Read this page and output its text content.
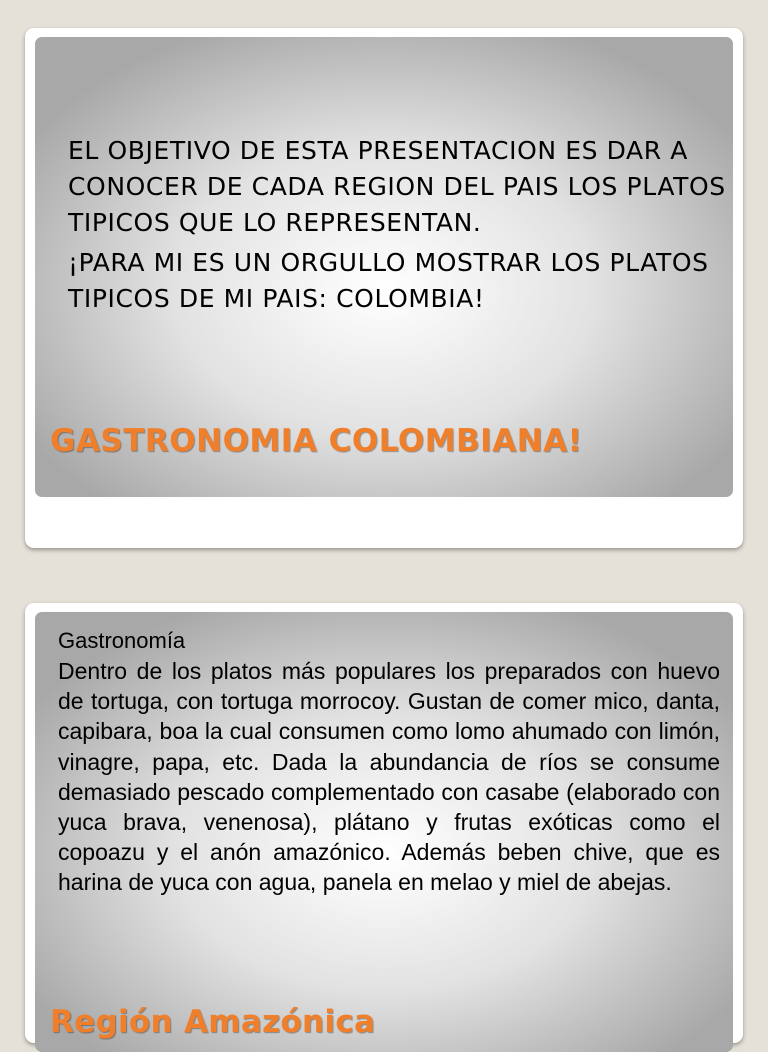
EL OBJETIVO DE ESTA PRESENTACION ES DAR A CONOCER DE CADA REGION DEL PAIS LOS PLATOS TIPICOS QUE LO REPRESENTAN.

¡PARA MI ES UN ORGULLO MOSTRAR LOS PLATOS TIPICOS DE MI PAIS: COLOMBIA!

GASTRONOMIA COLOMBIANA!

Gastronomía

Dentro de los platos más populares los preparados con huevo de tortuga, con tortuga morrocoy. Gustan de comer mico, danta, capibara, boa la cual consumen como lomo ahumado con limón, vinagre, papa, etc. Dada la abundancia de ríos se consume demasiado pescado complementado con casabe (elaborado con yuca brava, venenosa), plátano y frutas exóticas como el copoazu y el anón amazónico. Además beben chive, que es harina de yuca con agua, panela en melao y miel de abejas.

Región Amazónica
